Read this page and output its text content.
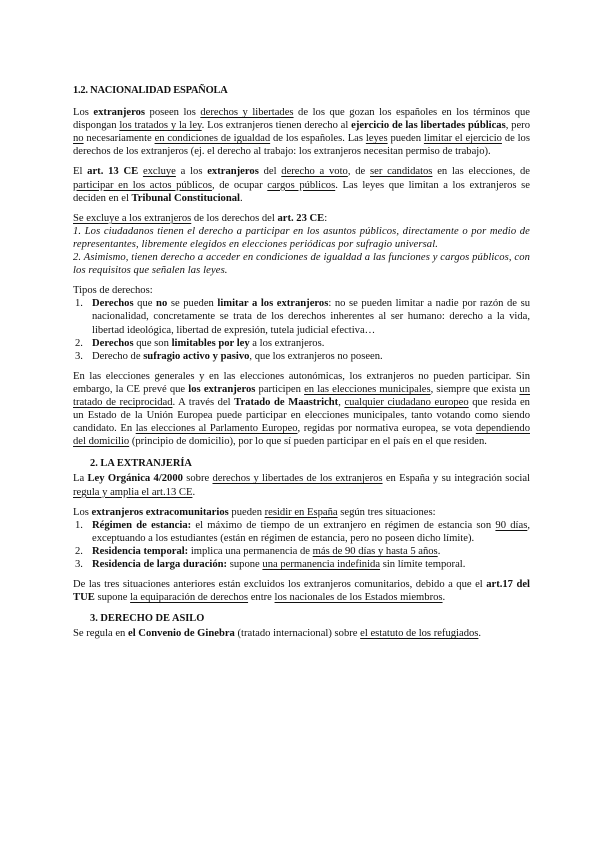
1.2. NACIONALIDAD ESPAÑOLA

Los extranjeros poseen los derechos y libertades de los que gozan los españoles en los términos que dispongan los tratados y la ley. Los extranjeros tienen derecho al ejercicio de las libertades públicas, pero no necesariamente en condiciones de igualdad de los españoles. Las leyes pueden limitar el ejercicio de los derechos de los extranjeros (ej. el derecho al trabajo: los extranjeros necesitan permiso de trabajo).

El art. 13 CE excluye a los extranjeros del derecho a voto, de ser candidatos en las elecciones, de participar en los actos públicos, de ocupar cargos públicos. Las leyes que limitan a los extranjeros se deciden en el Tribunal Constitucional.

Se excluye a los extranjeros de los derechos del art. 23 CE:

1. Los ciudadanos tienen el derecho a participar en los asuntos públicos, directamente o por medio de representantes, libremente elegidos en elecciones periódicas por sufragio universal.

2. Asimismo, tienen derecho a acceder en condiciones de igualdad a las funciones y cargos públicos, con los requisitos que señalen las leyes.

Tipos de derechos:

1. Derechos que no se pueden limitar a los extranjeros: no se pueden limitar a nadie por razón de su nacionalidad, concretamente se trata de los derechos inherentes al ser humano: derecho a la vida, libertad ideológica, libertad de expresión, tutela judicial efectiva…
2. Derechos que son limitables por ley a los extranjeros.
3. Derecho de sufragio activo y pasivo, que los extranjeros no poseen.

En las elecciones generales y en las elecciones autonómicas, los extranjeros no pueden participar. Sin embargo, la CE prevé que los extranjeros participen en las elecciones municipales, siempre que exista un tratado de reciprocidad. A través del Tratado de Maastricht, cualquier ciudadano europeo que resida en un Estado de la Unión Europea puede participar en elecciones municipales, tanto votando como siendo candidato. En las elecciones al Parlamento Europeo, regidas por normativa europea, se vota dependiendo del domicilio (principio de domicilio), por lo que sí pueden participar en el país en el que residen.

2. LA EXTRANJERÍA

La Ley Orgánica 4/2000 sobre derechos y libertades de los extranjeros en España y su integración social regula y amplia el art.13 CE.

Los extranjeros extracomunitarios pueden residir en España según tres situaciones:

1. Régimen de estancia: el máximo de tiempo de un extranjero en régimen de estancia son 90 días, exceptuando a los estudiantes (están en régimen de estancia, pero no poseen dicho límite).
2. Residencia temporal: implica una permanencia de más de 90 días y hasta 5 años.
3. Residencia de larga duración: supone una permanencia indefinida sin límite temporal.

De las tres situaciones anteriores están excluidos los extranjeros comunitarios, debido a que el art.17 del TUE supone la equiparación de derechos entre los nacionales de los Estados miembros.

3. DERECHO DE ASILO

Se regula en el Convenio de Ginebra (tratado internacional) sobre el estatuto de los refugiados.
